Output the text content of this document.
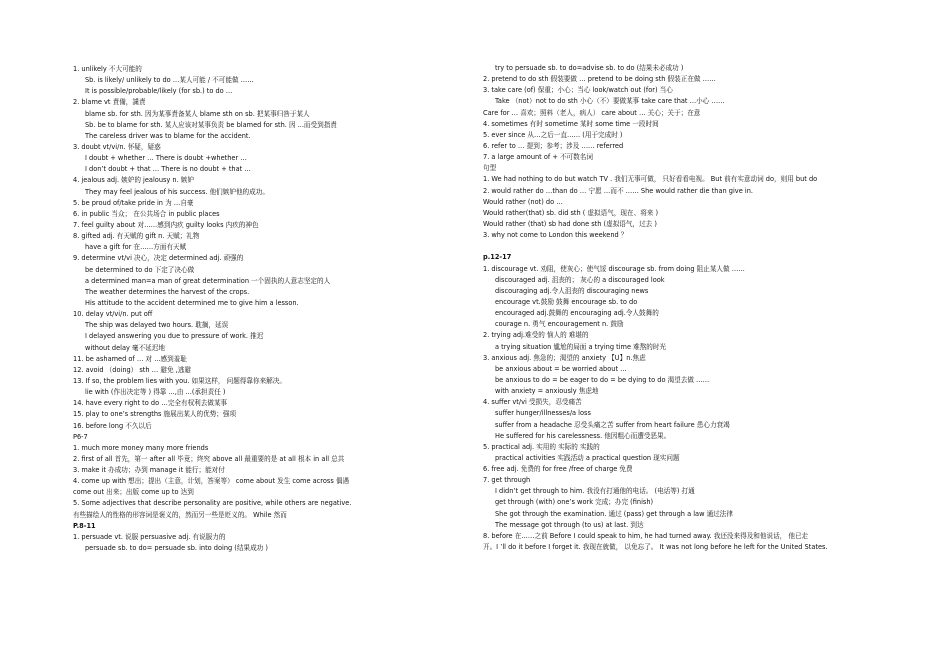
1. unlikely 不大可能的
Sb. is likely/ unlikely to do …某人可能 / 不可能做 ……
It is possible/probable/likely (for sb.) to do …
2. blame vt 責備，譴責
blame sb. for sth. 因为某事責备某人 blame sth on sb. 把某事归咎于某人
Sb. be to blame for sth. 某人应该对某事负责 be blamed for sth. 因 ...而受到指責
The careless driver was to blame for the accident.
3. doubt vt/vi/n. 怀疑，疑惑
I doubt + whether … There is doubt +whether …
I don’t doubt + that … There is no doubt + that …
4. jealous adj. 嫉妒的 jealousy n. 嫉妒
They may feel jealous of his success. 他们嫉妒他的成功。
5. be proud of/take pride in 为 …自豪
6. in public 当众； 在公共场合 in public places
7. feel guilty about 对……感到内疚 guilty looks 内疚的神色
8. gifted adj. 有天赋的 gift n. 天赋；礼物
have a gift for 在……方面有天赋
9. determine vt/vi 决心，决定 determined adj. 顽强的
be determined to do 下定了决心做
a determined man=a man of great determination 一个固执的人意志坚定的人
The weather determines the harvest of the crops.
His attitude to the accident determined me to give him a lesson.
10. delay vt/vi/n. put off
The ship was delayed two hours. 耽搁，延误
I delayed answering you due to pressure of work. 推迟
without delay 毫不延迟地
11. be ashamed of … 对 ...感到羞耻
12. avoid （doing） sth … 避免 ,逃避
13. If so, the problem lies with you. 如果这样， 问题得靠你来解决。
lie with (作出决定等 ) 得靠 ...,由 ...(承担责任 )
14. have every right to do …完全有权利去做某事
15. play to one’s strengths 施展出某人的优势；强项
16. before long 不久以后
P6-7
1. much more money many more friends
2. first of all 首先，第一 after all 毕竟；终究 above all 最重要的是 at all 根本 in all 总共
3. make it 办成功；办到 manage it 能行；能对付
4. come up with 想出；提出（主意，计划，答案等） come about 发生 come across 偶遇
come out 出来；出版 come up to 达到
5. Some adjectives that describe personality are positive, while others are negative.
有些描绘人的性格的形容词是褒义的，然而另一些是贬义的。 While 然而
P.8-11
1. persuade vt. 说服 persuasive adj. 有说服力的
persuade sb. to do= persuade sb. into doing (结果成功 )
try to persuade sb. to do=advise sb. to do (结果未必成功 )
2. pretend to do sth 假装要做 … pretend to be doing sth 假装正在做 ……
3. take care (of) 保重；小心；当心 look/watch out (for) 当心
Take （not）not to do sth 小心（不）要做某事 take care that …小心 ……
Care for … 喜欢；照料（老人，病人） care about … 关心；关于；在意
4. sometimes 有时 sometime 某时 some time 一段时间
5. ever since 从…之后一直…… (用于完成时 )
6. refer to … 提到；参考；涉及 …… referred
7. a large amount of + 不可数名词
句型
1. We had nothing to do but watch TV . 我们无事可做， 只好看看电视。 But 前有实意动词 do，则用 but do
2. would rather do …than do … 宁愿 …而不 …… She would rather die than give in.
Would rather (not) do …
Would rather(that) sb. did sth ( 虚拟语气，现在、将来 )
Would rather (that) sb had done sth (虚拟语气，过去 )
3. why not come to London this weekend ？
p.12-17
1. discourage vt. 劝阻，使灰心；使气馁 discourage sb. from doing 阻止某人做 ……
discouraged adj. 沮丧的； 灰心的 a discouraged look
discouraging adj.令人沮丧的 discouraging news
encourage vt.鼓励 鼓舞 encourage sb. to do
encouraged adj.鼓舞的 encouraging adj.令人鼓舞的
courage n. 勇气 encouragement n. 鼓励
2. trying adj.难受的 恼人的 难堪的
a trying situation 尴尬的局面 a trying time 难熬的时光
3. anxious adj. 焦急的；渴望的 anxiety 【U】n.焦虑
be anxious about = be worried about …
be anxious to do = be eager to do = be dying to do 渴望去做 ……
with anxiety = anxiously 焦虑地
4. suffer vt/vi 受损失，忍受痛苦
suffer hunger/illnesses/a loss
suffer from a headache 忍受头痛之苦 suffer from heart failure 患心力衰竭
He suffered for his carelessness. 他因粗心而遭受恶果。
5. practical adj. 实用的 实际的 实践的
practical activities 实践活动 a practical question 现实问题
6. free adj. 免费的 for free /free of charge 免费
7. get through
I didn’t get through to him. 我没有打通他的电话。 (电话等) 打通
get through (with) one’s work 完成；办完 (finish)
She got through the examination. 通过 (pass) get through a law 通过法律
The message got through (to us) at last. 到达
8. before 在……之前 Before I could speak to him, he had turned away. 我还没来得及和他说话， 他已走
开。I ’ll do it before I forget it. 我现在就做， 以免忘了。 It was not long before he left for the United States.
